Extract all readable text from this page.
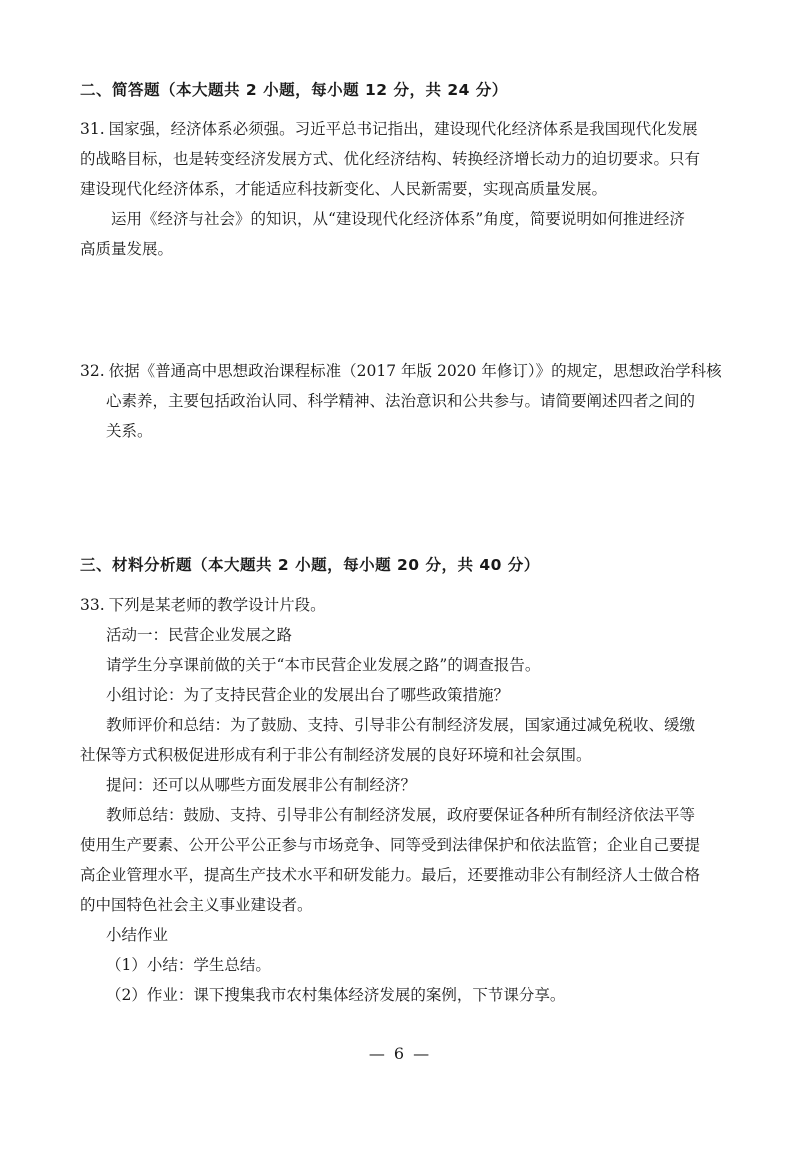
二、简答题（本大题共 2 小题，每小题 12 分，共 24 分）

31. 国家强，经济体系必须强。习近平总书记指出，建设现代化经济体系是我国现代化发展

的战略目标，也是转变经济发展方式、优化经济结构、转换经济增长动力的迫切要求。只有

建设现代化经济体系，才能适应科技新变化、人民新需要，实现高质量发展。

运用《经济与社会》的知识，从“建设现代化经济体系”角度，简要说明如何推进经济

高质量发展。

32. 依据《普通高中思想政治课程标准（2017 年版 2020 年修订）》的规定，思想政治学科核

心素养，主要包括政治认同、科学精神、法治意识和公共参与。请简要阐述四者之间的

关系。

三、材料分析题（本大题共 2 小题，每小题 20 分，共 40 分）

33. 下列是某老师的教学设计片段。

活动一：民营企业发展之路

请学生分享课前做的关于“本市民营企业发展之路”的调查报告。

小组讨论：为了支持民营企业的发展出台了哪些政策措施？

教师评价和总结：为了鼓励、支持、引导非公有制经济发展，国家通过减免税收、缓缴

社保等方式积极促进形成有利于非公有制经济发展的良好环境和社会氛围。

提问：还可以从哪些方面发展非公有制经济？

教师总结：鼓励、支持、引导非公有制经济发展，政府要保证各种所有制经济依法平等

使用生产要素、公开公平公正参与市场竞争、同等受到法律保护和依法监管；企业自己要提

高企业管理水平，提高生产技术水平和研发能力。最后，还要推动非公有制经济人士做合格

的中国特色社会主义事业建设者。

小结作业

（1）小结：学生总结。

（2）作业：课下搜集我市农村集体经济发展的案例，下节课分享。

— 6 —
